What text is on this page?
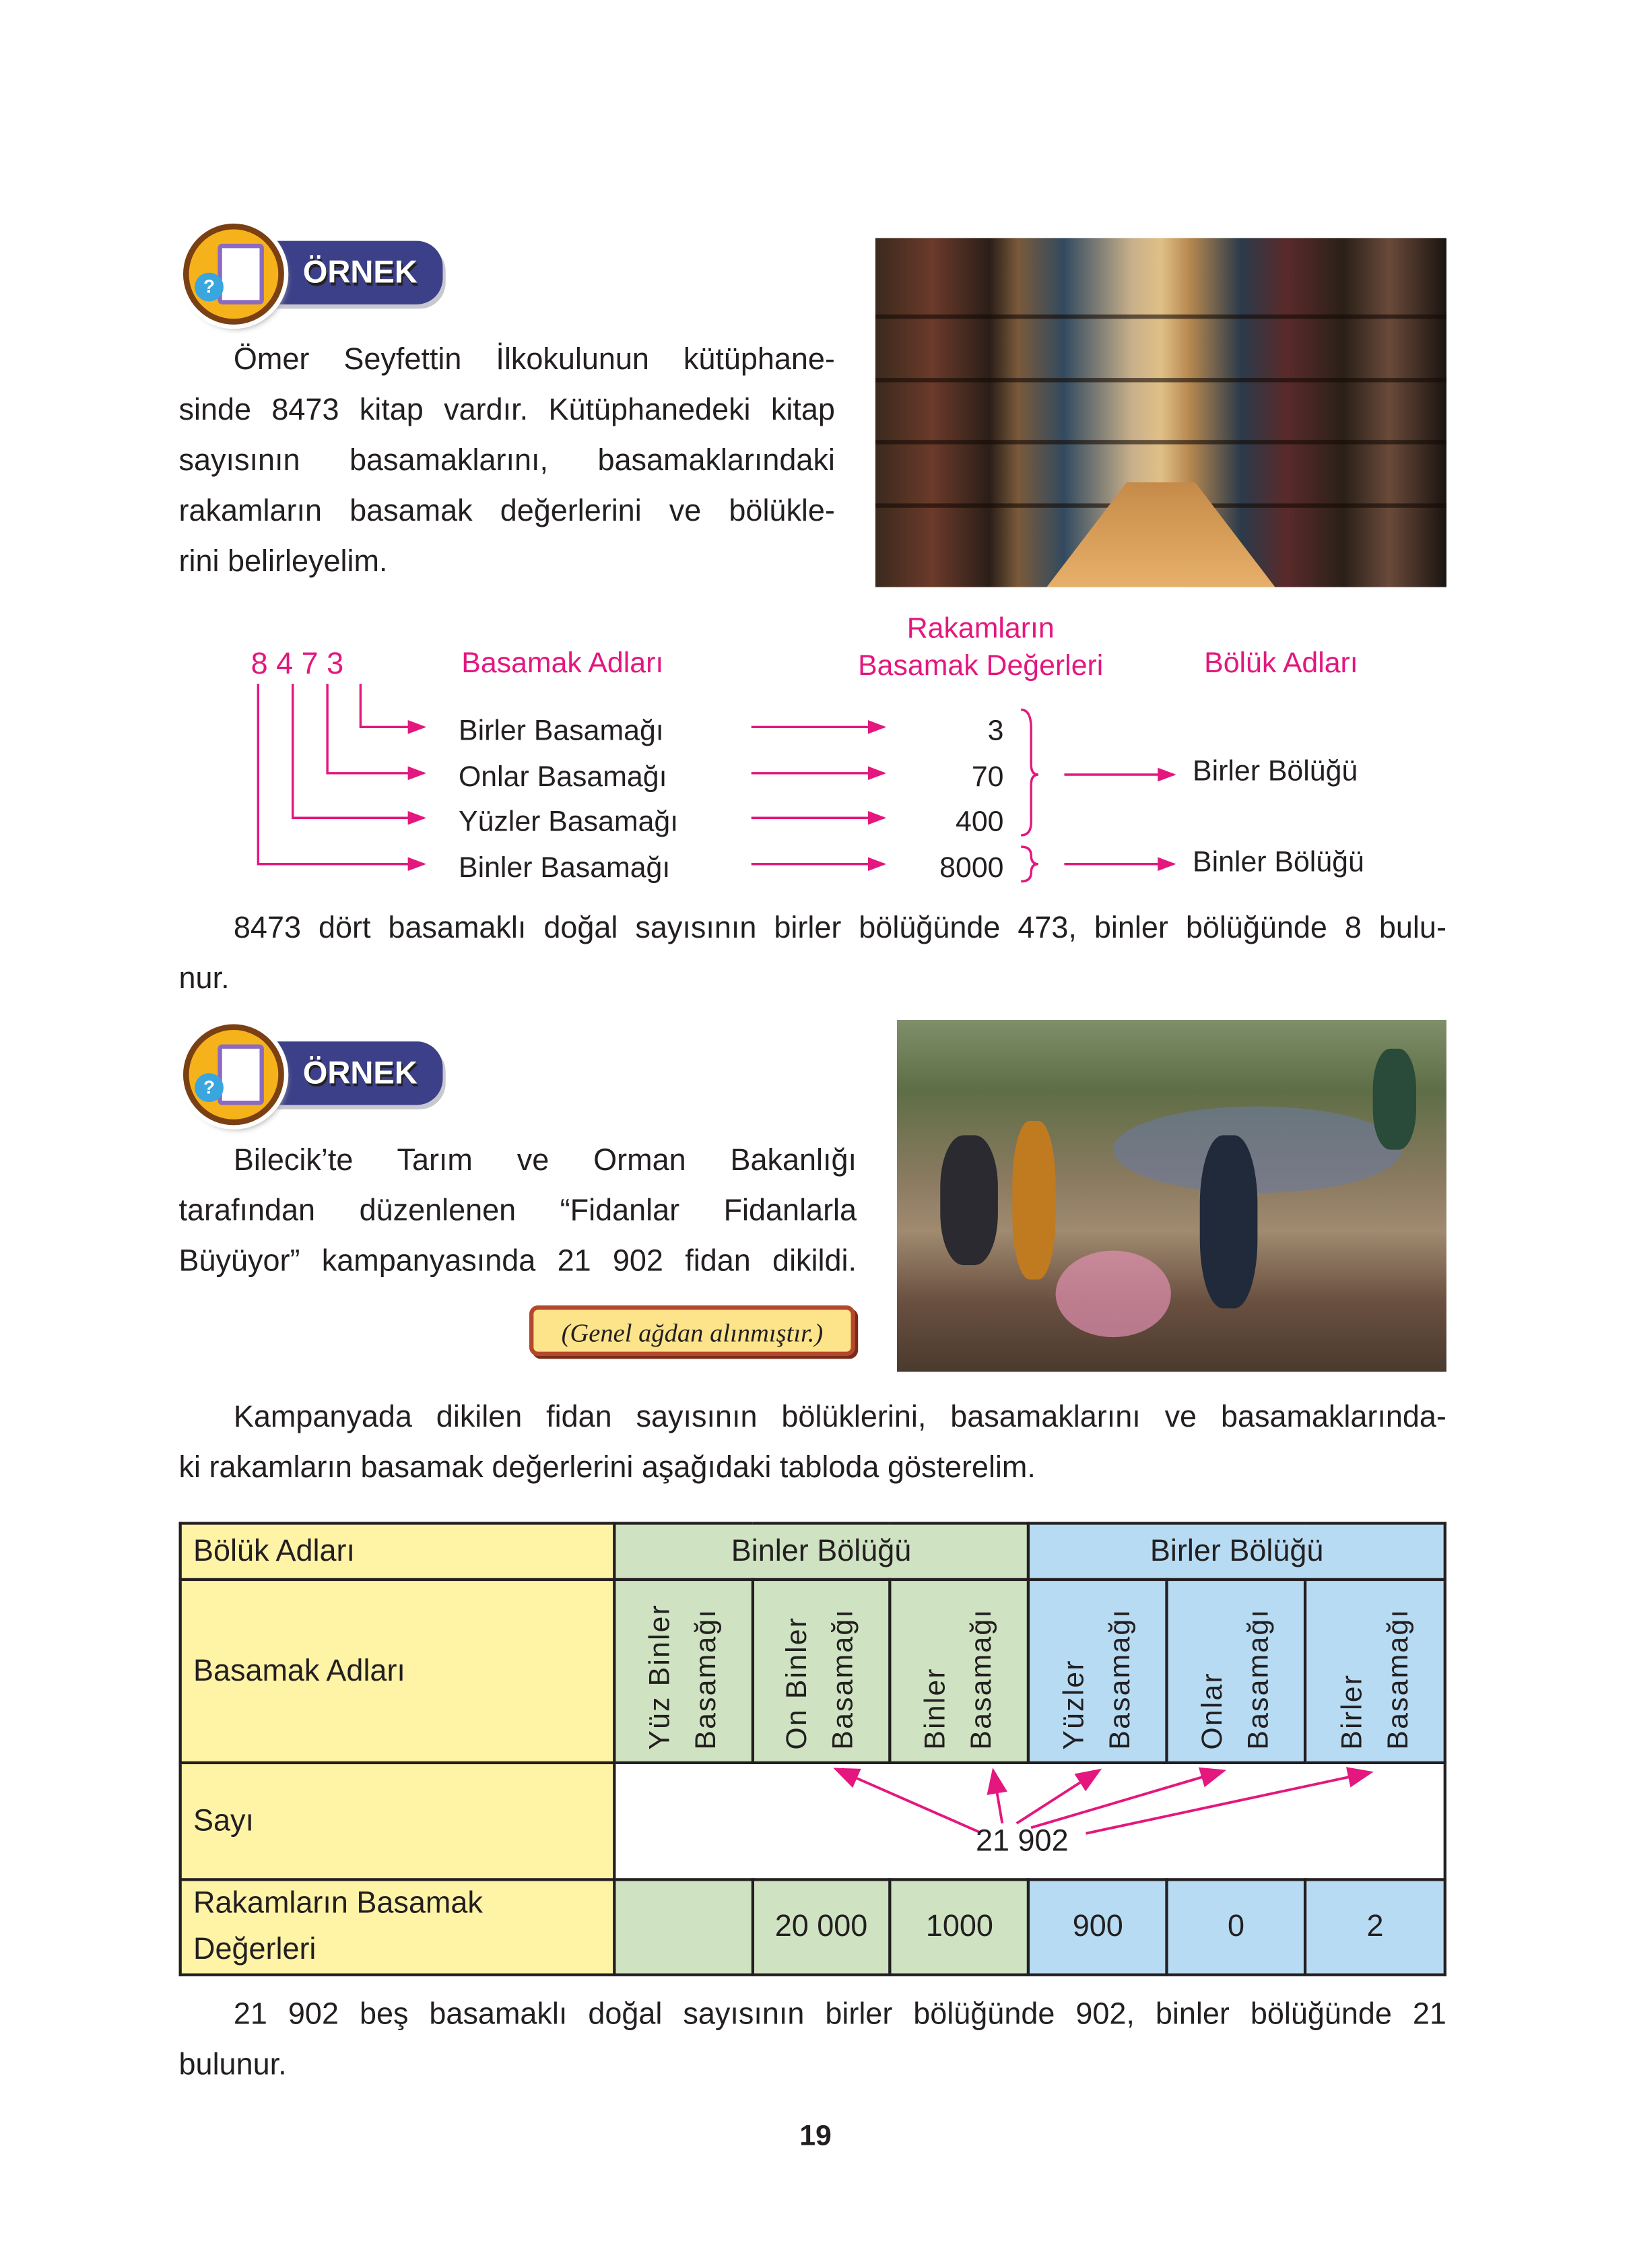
ÖRNEK
?
Ömer Seyfettin İlkokulunun kütüphane-
sinde 8473 kitap vardır. Kütüphanedeki kitap
sayısının basamaklarını, basamaklarındaki
rakamların basamak değerlerini ve bölükle-
rini belirleyelim.
8 4 7 3	Basamak Adları
Rakamların
Basamak Değerleri	Bölük Adları
Birler Basamağı
Onlar Basamağı
Yüzler Basamağı
Binler Basamağı
3
70
400
8000
Birler Bölüğü
Binler Bölüğü
8473 dört basamaklı doğal sayısının birler bölüğünde 473, binler bölüğünde 8 bulu-
nur.
ÖRNEK
?
Bilecik’te Tarım ve Orman Bakanlığı
tarafından düzenlenen “Fidanlar Fidanlarla
Büyüyor” kampanyasında 21 902 fidan dikildi.
(Genel ağdan alınmıştır.)
Kampanyada dikilen fidan sayısının bölüklerini, basamaklarını ve basamaklarında-
ki rakamların basamak değerlerini aşağıdaki tabloda gösterelim.
Bölük Adları	Binler Bölüğü			Birler Bölüğü		
Basamak Adları	Yüz Binler Basamağı	On Binler Basamağı	Binler Basamağı	Yüzler Basamağı	Onlar Basamağı	Birler Basamağı
Sayı	21 902					

Rakamların Basamak
Değerleri		20 000	1000	900	0	2
21 902 beş basamaklı doğal sayısının birler bölüğünde 902, binler bölüğünde 21
bulunur.
19
